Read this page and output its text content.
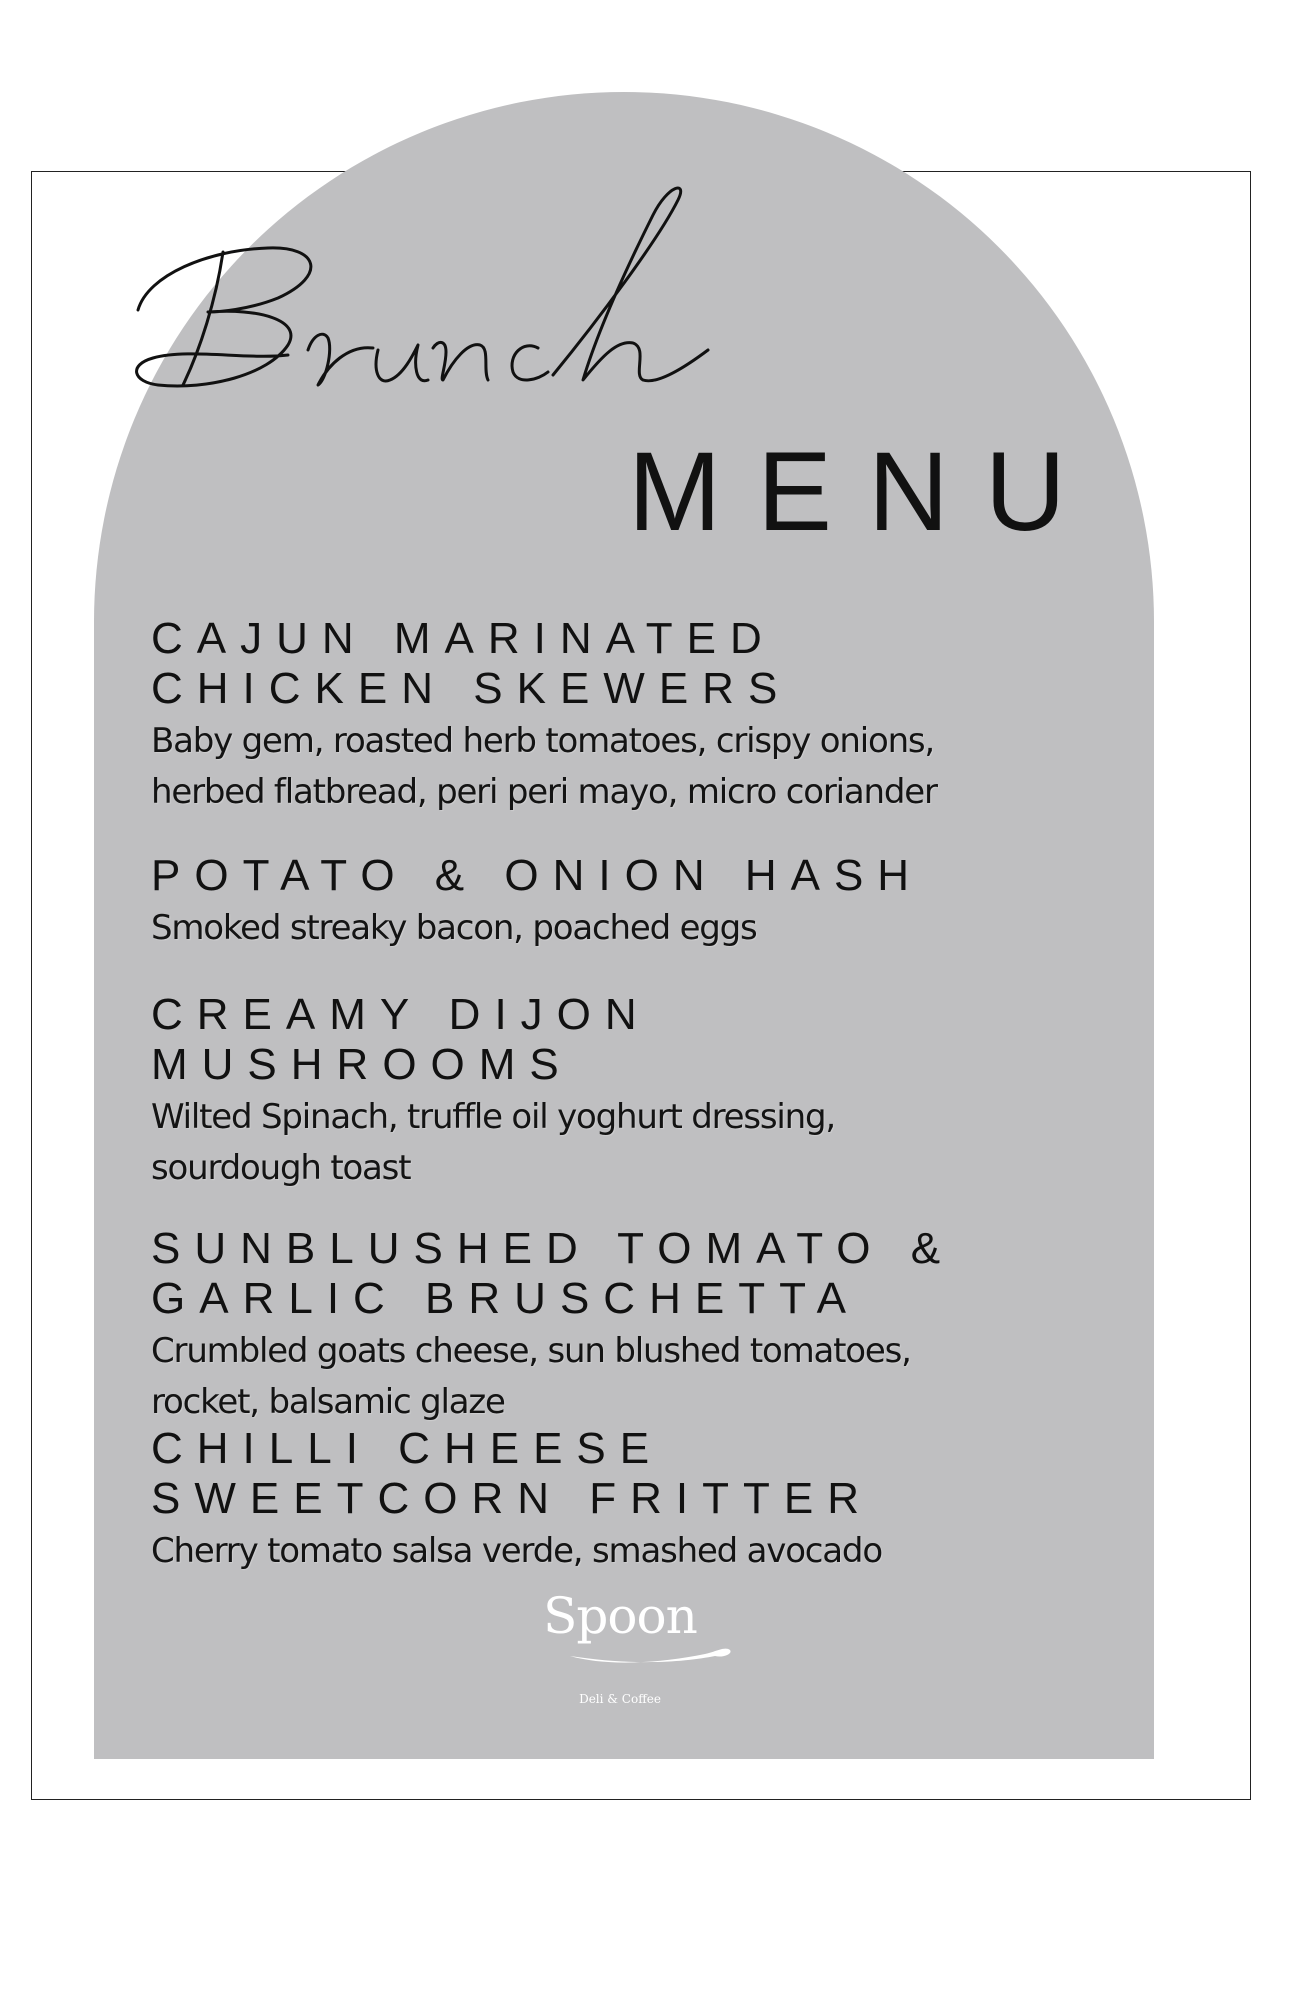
MENU
CAJUN MARINATED
CHICKEN SKEWERS

Baby gem, roasted herb tomatoes, crispy onions,
herbed flatbread, peri peri mayo, micro coriander

POTATO & ONION HASH

Smoked streaky bacon, poached eggs

CREAMY DIJON
MUSHROOMS

Wilted Spinach, truffle oil yoghurt dressing,
sourdough toast

SUNBLUSHED TOMATO &
GARLIC BRUSCHETTA

Crumbled goats cheese, sun blushed tomatoes,
rocket, balsamic glaze

CHILLI CHEESE
SWEETCORN FRITTER

Cherry tomato salsa verde, smashed avocado

Spoon

Deli & Coffee
